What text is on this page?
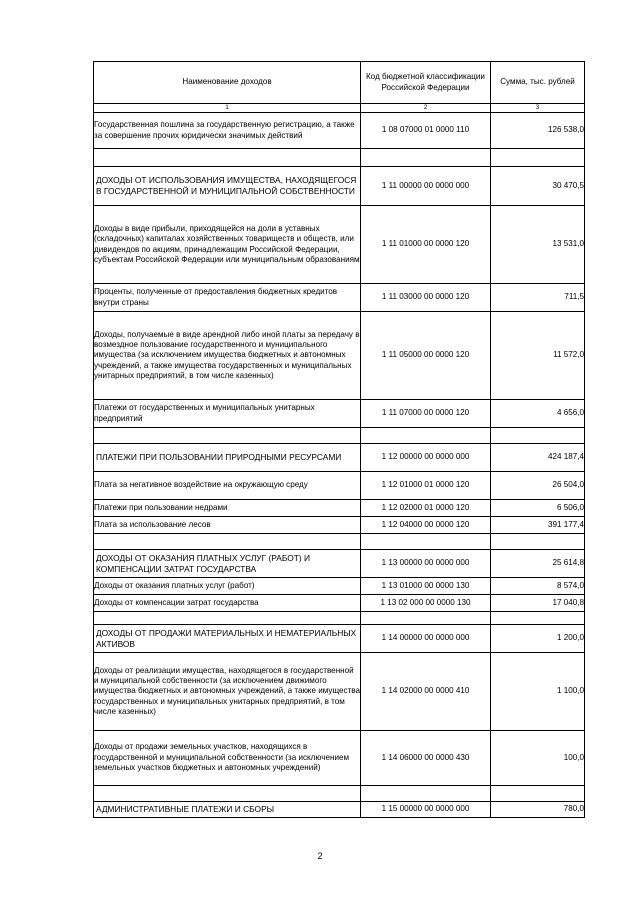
Наименование доходов	Код бюджетной классификации Российской Федерации	Сумма, тыс. рублей

1	2	3
Государственная пошлина за государственную регистрацию, а также за совершение прочих юридически значимых действий	1 08 07000 01 0000 110	126 538,0

ДОХОДЫ ОТ ИСПОЛЬЗОВАНИЯ ИМУЩЕСТВА, НАХОДЯЩЕГОСЯ В ГОСУДАРСТВЕННОЙ И МУНИЦИПАЛЬНОЙ СОБСТВЕННОСТИ	1 11 00000 00 0000 000	30 470,5
Доходы в виде прибыли, приходящейся на доли в уставных (складочных) капиталах хозяйственных товариществ и обществ, или дивидендов по акциям, принадлежащим Российской Федерации, субъектам Российской Федерации или муниципальным образованиям	1 11 01000 00 0000 120	13 531,0
Проценты, полученные от предоставления бюджетных кредитов внутри страны	1 11 03000 00 0000 120	711,5
Доходы, получаемые в виде арендной либо иной платы за передачу в возмездное пользование государственного и муниципального имущества (за исключением имущества бюджетных и автономных учреждений, а также имущества государственных и муниципальных унитарных предприятий, в том числе казенных)	1 11 05000 00 0000 120	11 572,0
Платежи от государственных и муниципальных унитарных предприятий	1 11 07000 00 0000 120	4 656,0

ПЛАТЕЖИ ПРИ ПОЛЬЗОВАНИИ ПРИРОДНЫМИ РЕСУРСАМИ	1 12 00000 00 0000 000	424 187,4
Плата за негативное воздействие на окружающую среду	1 12 01000 01 0000 120	26 504,0
Платежи при пользовании недрами	1 12 02000 01 0000 120	6 506,0
Плата за использование лесов	1 12 04000 00 0000 120	391 177,4

ДОХОДЫ ОТ ОКАЗАНИЯ ПЛАТНЫХ УСЛУГ (РАБОТ) И КОМПЕНСАЦИИ ЗАТРАТ ГОСУДАРСТВА	1 13 00000 00 0000 000	25 614,8
Доходы от оказания платных услуг (работ)	1 13 01000 00 0000 130	8 574,0
Доходы от компенсации затрат государства	1 13 02 000 00 0000 130	17 040,8

ДОХОДЫ ОТ ПРОДАЖИ МАТЕРИАЛЬНЫХ И НЕМАТЕРИАЛЬНЫХ АКТИВОВ	1 14 00000 00 0000 000	1 200,0
Доходы от реализации имущества, находящегося в государственной и муниципальной собственности (за исключением движимого имущества бюджетных и автономных учреждений, а также имущества государственных и муниципальных унитарных предприятий, в том числе казенных)	1 14 02000 00 0000 410	1 100,0
Доходы от продажи земельных участков, находящихся в государственной и муниципальной собственности (за исключением земельных участков бюджетных и автономных учреждений)	1 14 06000 00 0000 430	100,0

АДМИНИСТРАТИВНЫЕ ПЛАТЕЖИ И СБОРЫ	1 15 00000 00 0000 000	780,0
2
